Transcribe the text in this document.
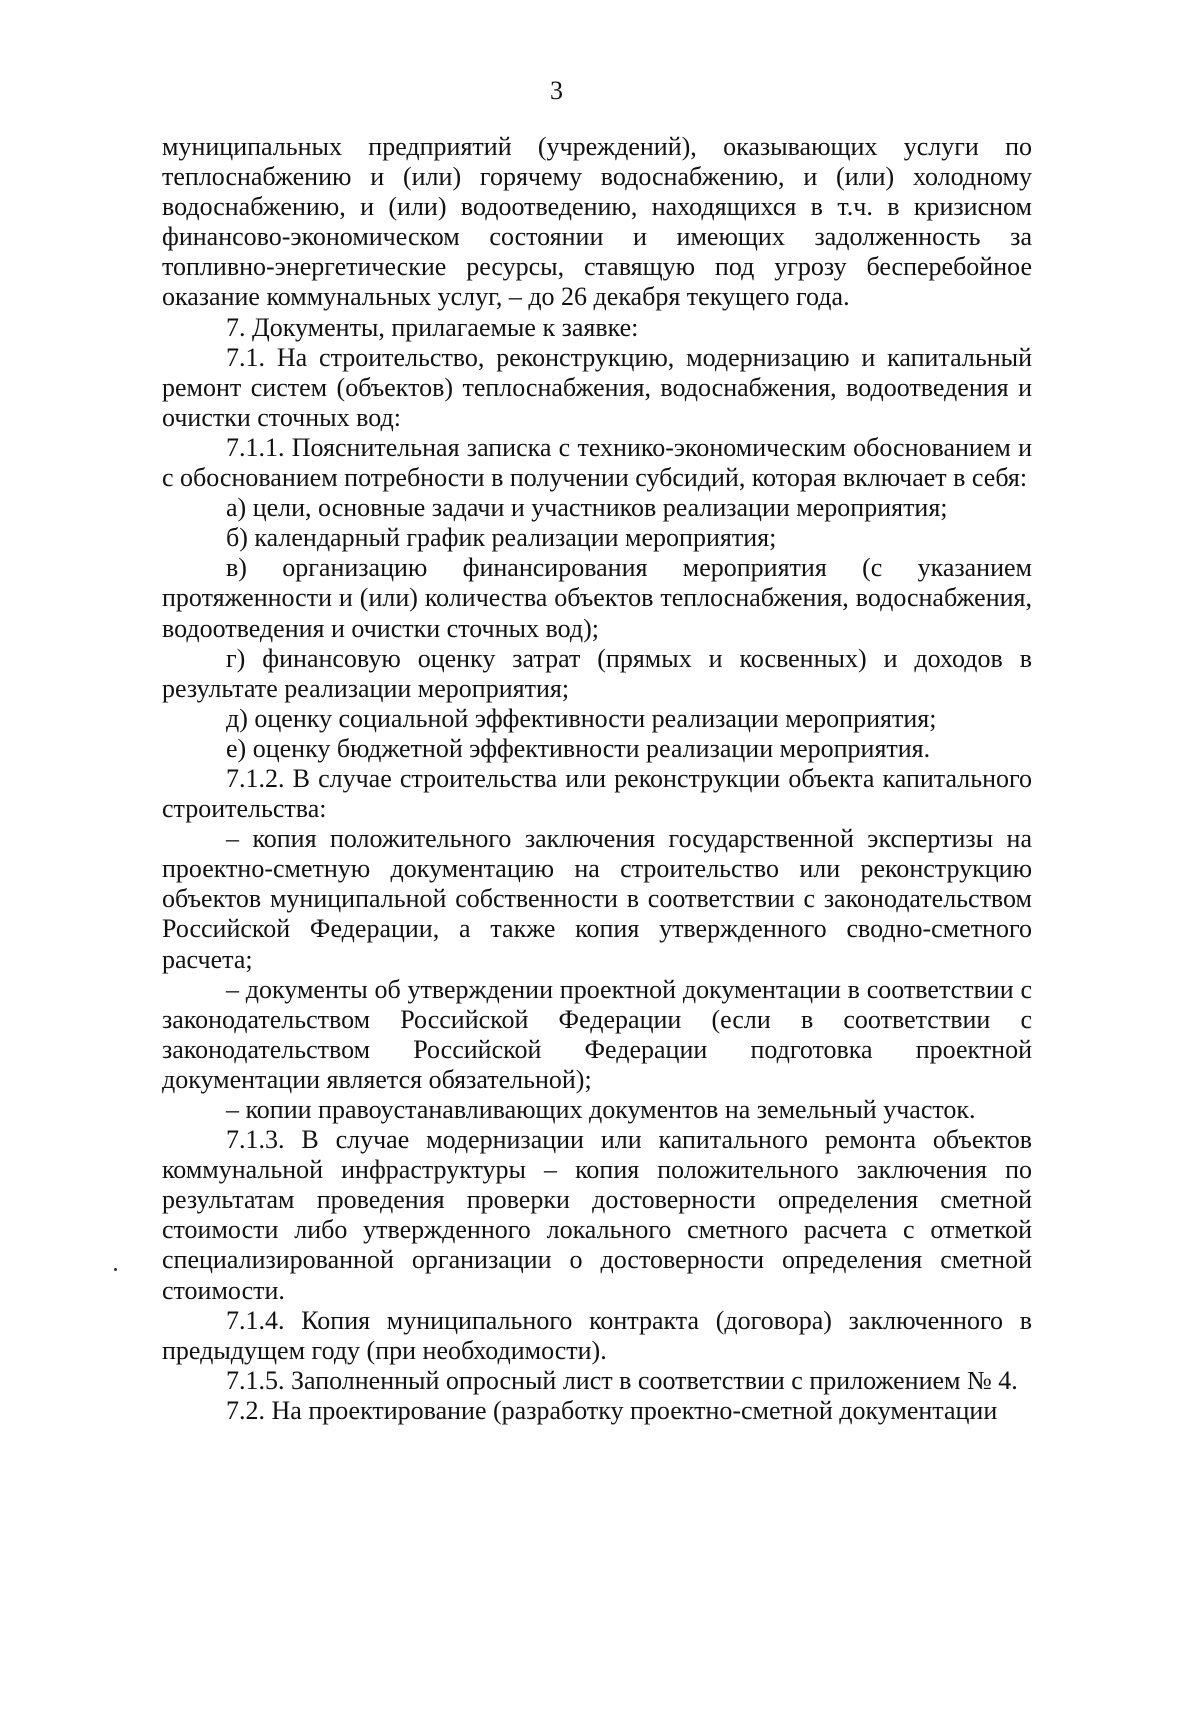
3

муниципальных предприятий (учреждений), оказывающих услуги по теплоснабжению и (или) горячему водоснабжению, и (или) холодному водоснабжению, и (или) водоотведению, находящихся в т.ч. в кризисном финансово-экономическом состоянии и имеющих задолженность за топливно-энергетические ресурсы, ставящую под угрозу бесперебойное оказание коммунальных услуг, – до 26 декабря текущего года.

7. Документы, прилагаемые к заявке:

7.1. На строительство, реконструкцию, модернизацию и капитальный ремонт систем (объектов) теплоснабжения, водоснабжения, водоотведения и очистки сточных вод:

7.1.1. Пояснительная записка с технико-экономическим обоснованием и с обоснованием потребности в получении субсидий, которая включает в себя:

а) цели, основные задачи и участников реализации мероприятия;

б) календарный график реализации мероприятия;

в) организацию финансирования мероприятия (с указанием протяженности и (или) количества объектов теплоснабжения, водоснабжения, водоотведения и очистки сточных вод);

г) финансовую оценку затрат (прямых и косвенных) и доходов в результате реализации мероприятия;

д) оценку социальной эффективности реализации мероприятия;

е) оценку бюджетной эффективности реализации мероприятия.

7.1.2. В случае строительства или реконструкции объекта капитального строительства:

– копия положительного заключения государственной экспертизы на проектно-сметную документацию на строительство или реконструкцию объектов муниципальной собственности в соответствии с законодательством Российской Федерации, а также копия утвержденного сводно-сметного расчета;

– документы об утверждении проектной документации в соответствии с законодательством Российской Федерации (если в соответствии с законодательством Российской Федерации подготовка проектной документации является обязательной);

– копии правоустанавливающих документов на земельный участок.

7.1.3. В случае модернизации или капитального ремонта объектов коммунальной инфраструктуры – копия положительного заключения по результатам проведения проверки достоверности определения сметной стоимости либо утвержденного локального сметного расчета с отметкой специализированной организации о достоверности определения сметной стоимости.

7.1.4. Копия муниципального контракта (договора) заключенного в предыдущем году (при необходимости).

7.1.5. Заполненный опросный лист в соответствии с приложением № 4.

7.2. На проектирование (разработку проектно-сметной документации
